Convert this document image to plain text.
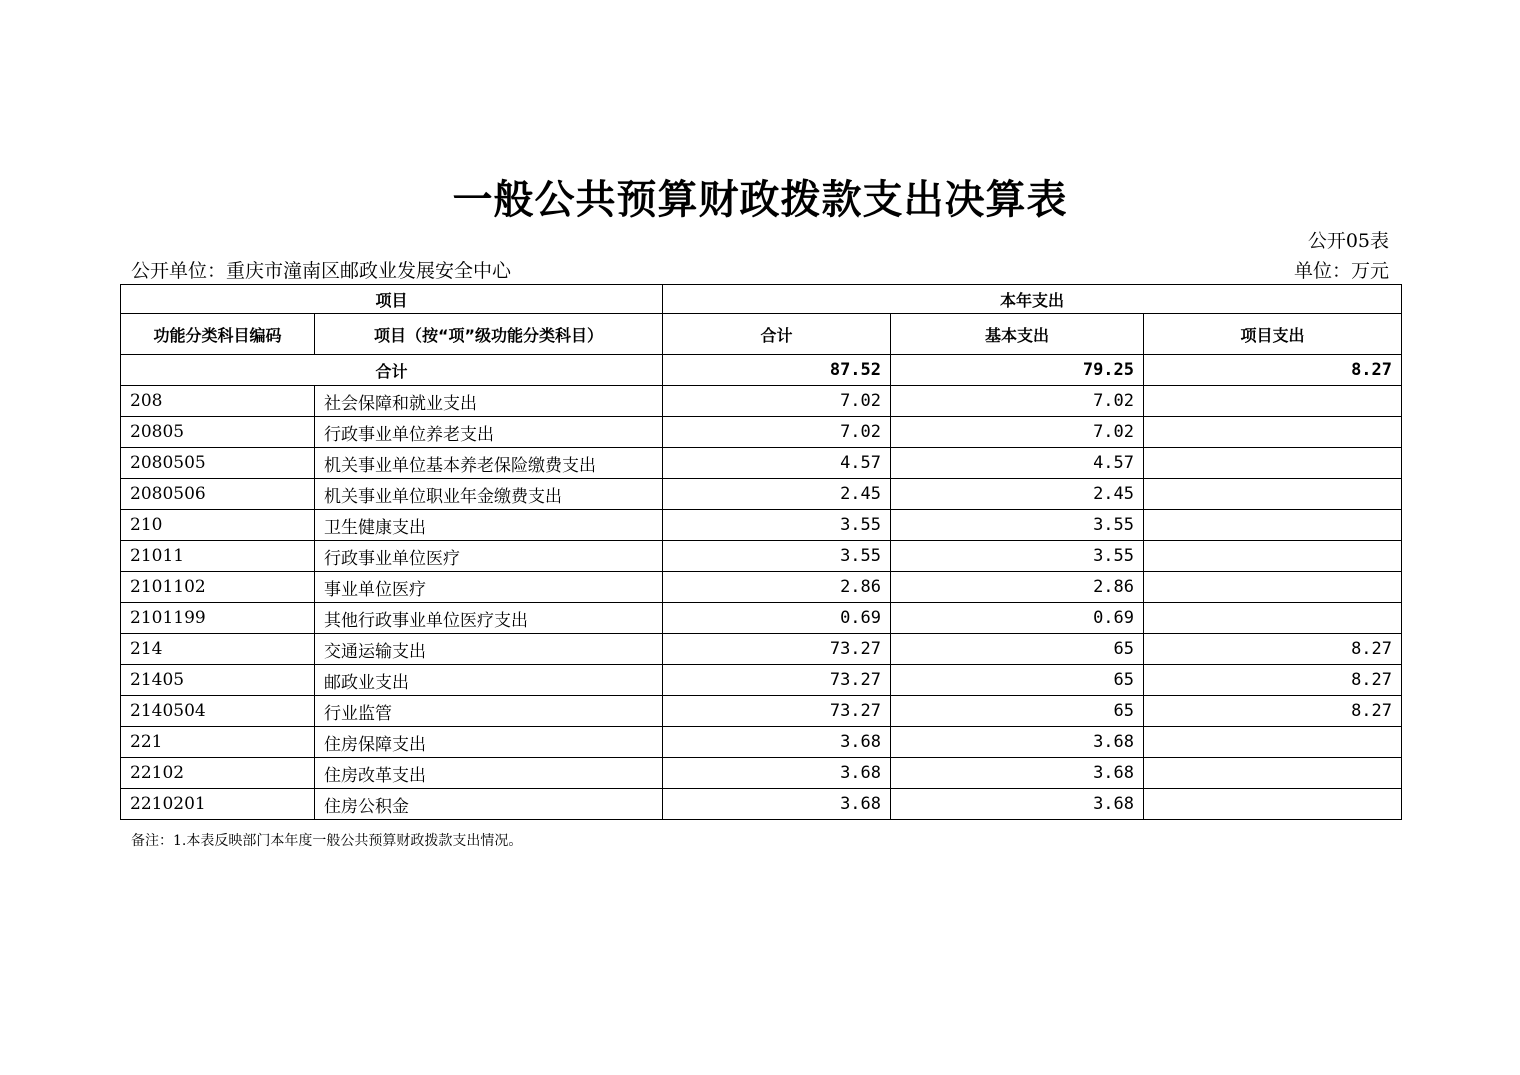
一般公共预算财政拨款支出决算表
公开05表
公开单位：重庆市潼南区邮政业发展安全中心	单位：万元
项目		本年支出		
功能分类科目编码	项目（按“项”级功能分类科目）	合计	基本支出	项目支出
合计		87.52	79.25	8.27
208	社会保障和就业支出	7.02	7.02	
20805	行政事业单位养老支出	7.02	7.02	
2080505	机关事业单位基本养老保险缴费支出	4.57	4.57	
2080506	机关事业单位职业年金缴费支出	2.45	2.45	
210	卫生健康支出	3.55	3.55	
21011	行政事业单位医疗	3.55	3.55	
2101102	事业单位医疗	2.86	2.86	
2101199	其他行政事业单位医疗支出	0.69	0.69	
214	交通运输支出	73.27	65	8.27
21405	邮政业支出	73.27	65	8.27
2140504	行业监管	73.27	65	8.27
221	住房保障支出	3.68	3.68	
22102	住房改革支出	3.68	3.68	
2210201	住房公积金	3.68	3.68	
备注：1.本表反映部门本年度一般公共预算财政拨款支出情况。
